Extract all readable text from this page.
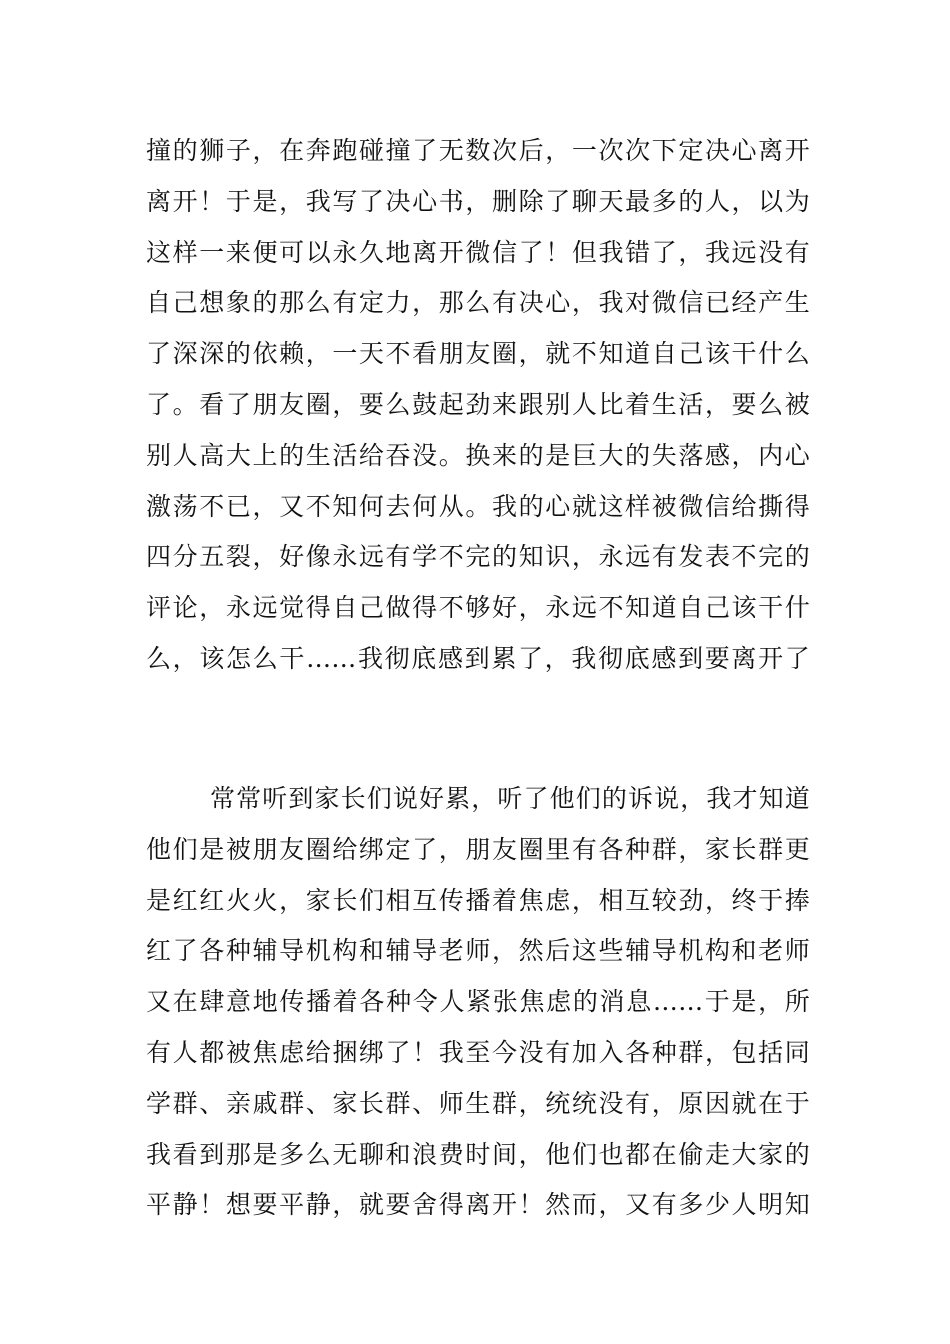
撞的狮子，在奔跑碰撞了无数次后，一次次下定决心离开
离开！于是，我写了决心书，删除了聊天最多的人，以为
这样一来便可以永久地离开微信了！但我错了，我远没有
自己想象的那么有定力，那么有决心，我对微信已经产生
了深深的依赖，一天不看朋友圈，就不知道自己该干什么
了。看了朋友圈，要么鼓起劲来跟别人比着生活，要么被
别人高大上的生活给吞没。换来的是巨大的失落感，内心
激荡不已，又不知何去何从。我的心就这样被微信给撕得
四分五裂，好像永远有学不完的知识，永远有发表不完的
评论，永远觉得自己做得不够好，永远不知道自己该干什
么，该怎么干……我彻底感到累了，我彻底感到要离开了
常常听到家长们说好累，听了他们的诉说，我才知道
他们是被朋友圈给绑定了，朋友圈里有各种群，家长群更
是红红火火，家长们相互传播着焦虑，相互较劲，终于捧
红了各种辅导机构和辅导老师，然后这些辅导机构和老师
又在肆意地传播着各种令人紧张焦虑的消息……于是，所
有人都被焦虑给捆绑了！我至今没有加入各种群，包括同
学群、亲戚群、家长群、师生群，统统没有，原因就在于
我看到那是多么无聊和浪费时间，他们也都在偷走大家的
平静！想要平静，就要舍得离开！然而，又有多少人明知
